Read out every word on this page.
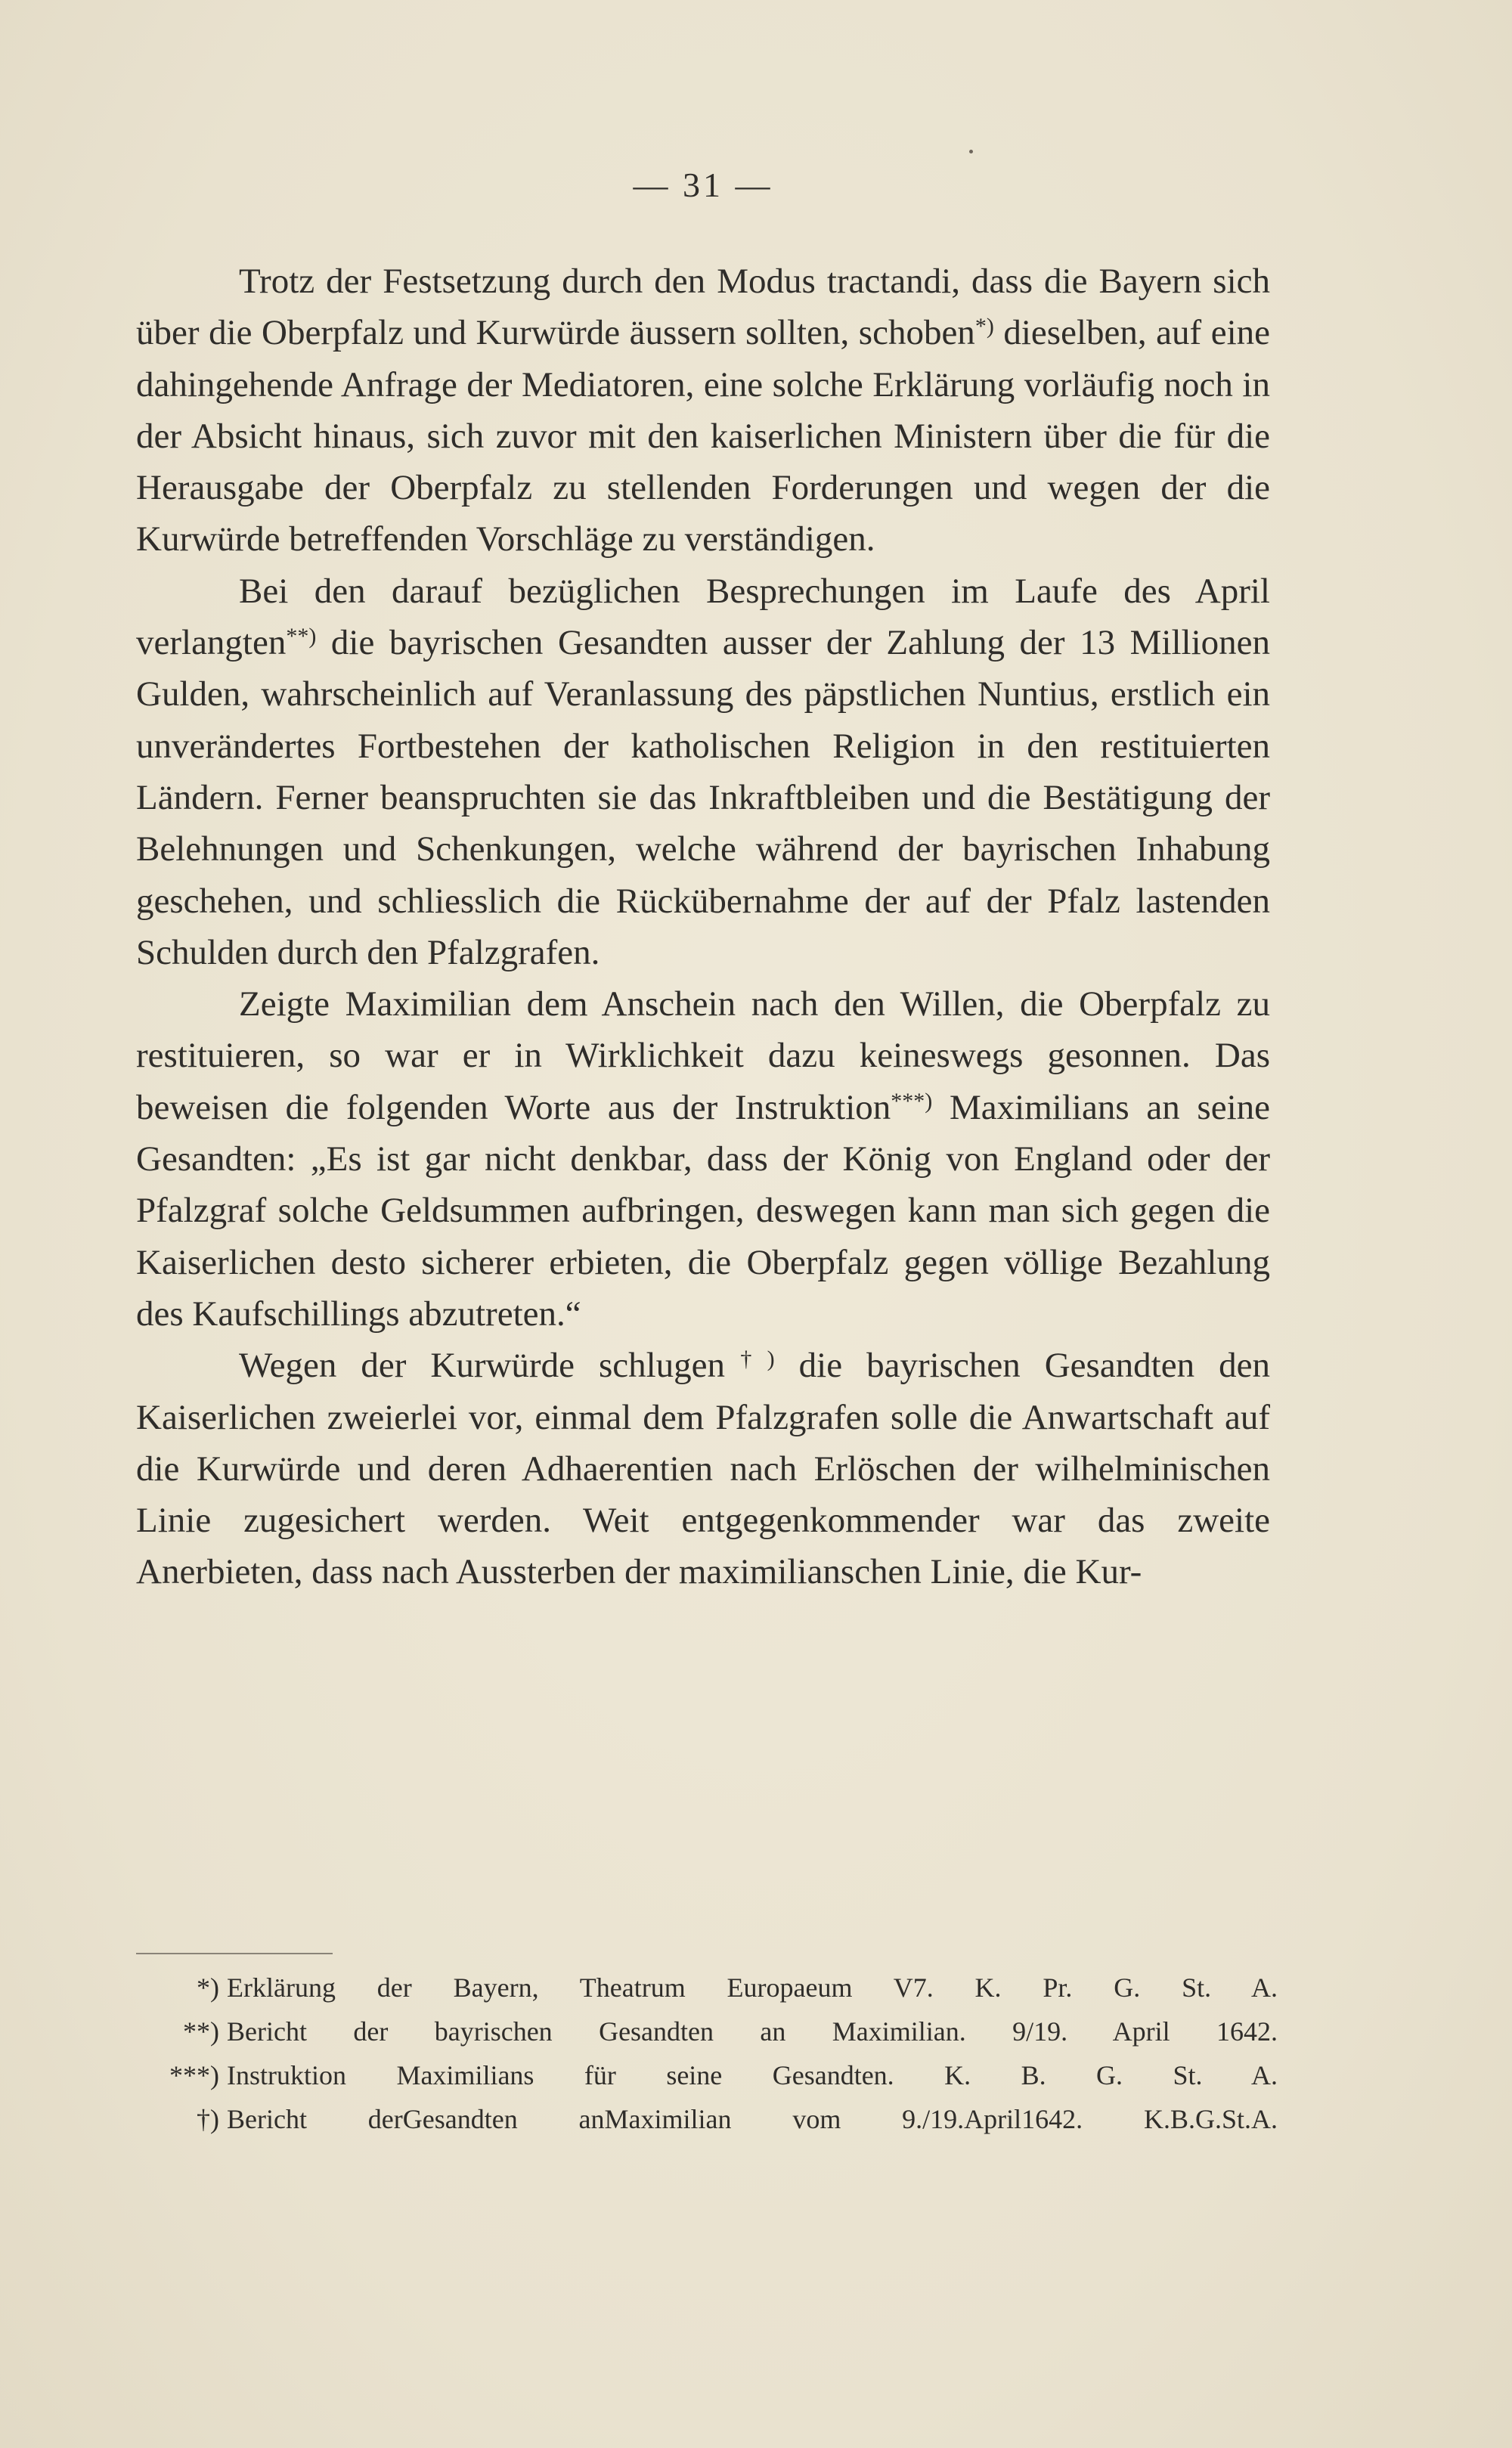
— 31 —

Trotz der Festsetzung durch den Modus tractandi, dass die Bayern sich über die Oberpfalz und Kurwürde äussern sollten, schoben*) dieselben, auf eine dahingehende Anfrage der Mediatoren, eine solche Erklärung vorläufig noch in der Absicht hinaus, sich zuvor mit den kaiserlichen Ministern über die für die Herausgabe der Oberpfalz zu stellenden Forderungen und wegen der die Kurwürde betreffenden Vorschläge zu verständigen.

Bei den darauf bezüglichen Besprechungen im Laufe des April verlangten**) die bayrischen Gesandten ausser der Zahlung der 13 Millionen Gulden, wahrscheinlich auf Veranlassung des päpstlichen Nuntius, erstlich ein unverändertes Fortbestehen der katholischen Religion in den restituierten Ländern. Ferner beanspruchten sie das Inkraftbleiben und die Bestätigung der Belehnungen und Schenkungen, welche während der bayrischen Inhabung geschehen, und schliesslich die Rückübernahme der auf der Pfalz lastenden Schulden durch den Pfalzgrafen.

Zeigte Maximilian dem Anschein nach den Willen, die Oberpfalz zu restituieren, so war er in Wirklichkeit dazu keineswegs gesonnen. Das beweisen die folgenden Worte aus der Instruktion***) Maximilians an seine Gesandten: „Es ist gar nicht denkbar, dass der König von England oder der Pfalzgraf solche Geldsummen aufbringen, deswegen kann man sich gegen die Kaiserlichen desto sicherer erbieten, die Oberpfalz gegen völlige Bezahlung des Kaufschillings abzutreten.“

Wegen der Kurwürde schlugen†) die bayrischen Gesandten den Kaiserlichen zweierlei vor, einmal dem Pfalzgrafen solle die Anwartschaft auf die Kurwürde und deren Adhaerentien nach Erlöschen der wilhelminischen Linie zugesichert werden. Weit entgegenkommender war das zweite Anerbieten, dass nach Aussterben der maximilianschen Linie, die Kur-

*) Erklärung der Bayern, Theatrum Europaeum V7. K. Pr. G. St. A.
**) Bericht der bayrischen Gesandten an Maximilian. 9/19. April 1642.
***) Instruktion Maximilians für seine Gesandten. K. B. G. St. A.
†) Bericht derGesandten anMaximilian vom 9./19.April1642. K.B.G.St.A.
